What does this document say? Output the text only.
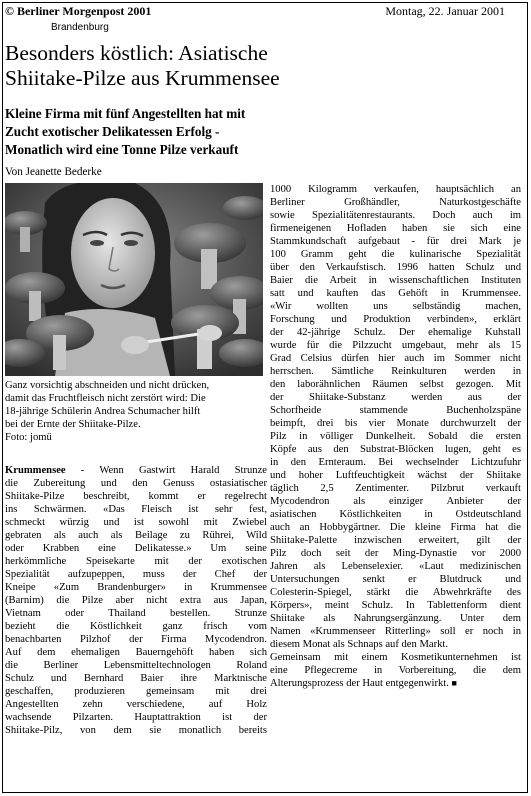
© Berliner Morgenpost 2001	Montag, 22. Januar 2001
Brandenburg
Besonders köstlich: Asiatische
Shiitake-Pilze aus Krummensee
Kleine Firma mit fünf Angestellten hat mit
Zucht exotischer Delikatessen Erfolg -
Monatlich wird eine Tonne Pilze verkauft
Von Jeanette Bederke
Ganz vorsichtig abschneiden und nicht drücken,
damit das Fruchtfleisch nicht zerstört wird: Die
18-jährige Schülerin Andrea Schumacher hilft
bei der Ernte der Shiitake-Pilze.
Foto: jomü
Krummensee - Wenn Gastwirt Harald Strunze
die Zubereitung und den Genuss ostasiatischer
Shiitake-Pilze beschreibt, kommt er regelrecht
ins Schwärmen. «Das Fleisch ist sehr fest,
schmeckt würzig und ist sowohl mit Zwiebel
gebraten als auch als Beilage zu Rührei, Wild
oder Krabben eine Delikatesse.» Um seine
herkömmliche Speisekarte mit der exotischen
Spezialität aufzupeppen, muss der Chef der
Kneipe «Zum Brandenburger» in Krummensee
(Barnim) die Pilze aber nicht extra aus Japan,
Vietnam oder Thailand bestellen. Strunze
bezieht die Köstlichkeit ganz frisch vom
benachbarten Pilzhof der Firma Mycodendron.
Auf dem ehemaligen Bauerngehöft haben sich
die Berliner Lebensmitteltechnologen Roland
Schulz und Bernhard Baier ihre Marktnische
geschaffen, produzieren gemeinsam mit drei
Angestellten zehn verschiedene, auf Holz
wachsende Pilzarten. Hauptattraktion ist der
Shiitake-Pilz, von dem sie monatlich bereits
1000 Kilogramm verkaufen, hauptsächlich an
Berliner Großhändler, Naturkostgeschäfte
sowie Spezialitätenrestaurants. Doch auch im
firmeneigenen Hofladen haben sie sich eine
Stammkundschaft aufgebaut - für drei Mark je
100 Gramm geht die kulinarische Spezialität
über den Verkaufstisch. 1996 hatten Schulz und
Baier die Arbeit in wissenschaftlichen Instituten
satt und kauften das Gehöft in Krummensee.
«Wir wollten uns selbständig machen,
Forschung und Produktion verbinden», erklärt
der 42-jährige Schulz. Der ehemalige Kuhstall
wurde für die Pilzzucht umgebaut, mehr als 15
Grad Celsius dürfen hier auch im Sommer nicht
herrschen. Sämtliche Reinkulturen werden in
den laborähnlichen Räumen selbst gezogen. Mit
der Shiitake-Substanz werden aus der
Schorfheide stammende Buchenholzspäne
beimpft, drei bis vier Monate durchwurzelt der
Pilz in völliger Dunkelheit. Sobald die ersten
Köpfe aus den Substrat-Blöcken lugen, geht es
in den Ernteraum. Bei wechselnder Lichtzufuhr
und hoher Luftfeuchtigkeit wächst der Shiitake
täglich 2,5 Zentimenter. Pilzbrut verkauft
Mycodendron als einziger Anbieter der
asiatischen Köstlichkeiten in Ostdeutschland
auch an Hobbygärtner. Die kleine Firma hat die
Shiitake-Palette inzwischen erweitert, gilt der
Pilz doch seit der Ming-Dynastie vor 2000
Jahren als Lebenselexier. «Laut medizinischen
Untersuchungen senkt er Blutdruck und
Colesterin-Spiegel, stärkt die Abwehrkräfte des
Körpers», meint Schulz. In Tablettenform dient
Shiitake als Nahrungsergänzung. Unter dem
Namen «Krummenseer Ritterling» soll er noch in
diesem Monat als Schnaps auf den Markt.
Gemeinsam mit einem Kosmetikunternehmen ist
eine Pflegecreme in Vorbereitung, die dem
Alterungsprozess der Haut entgegenwirkt. ■
